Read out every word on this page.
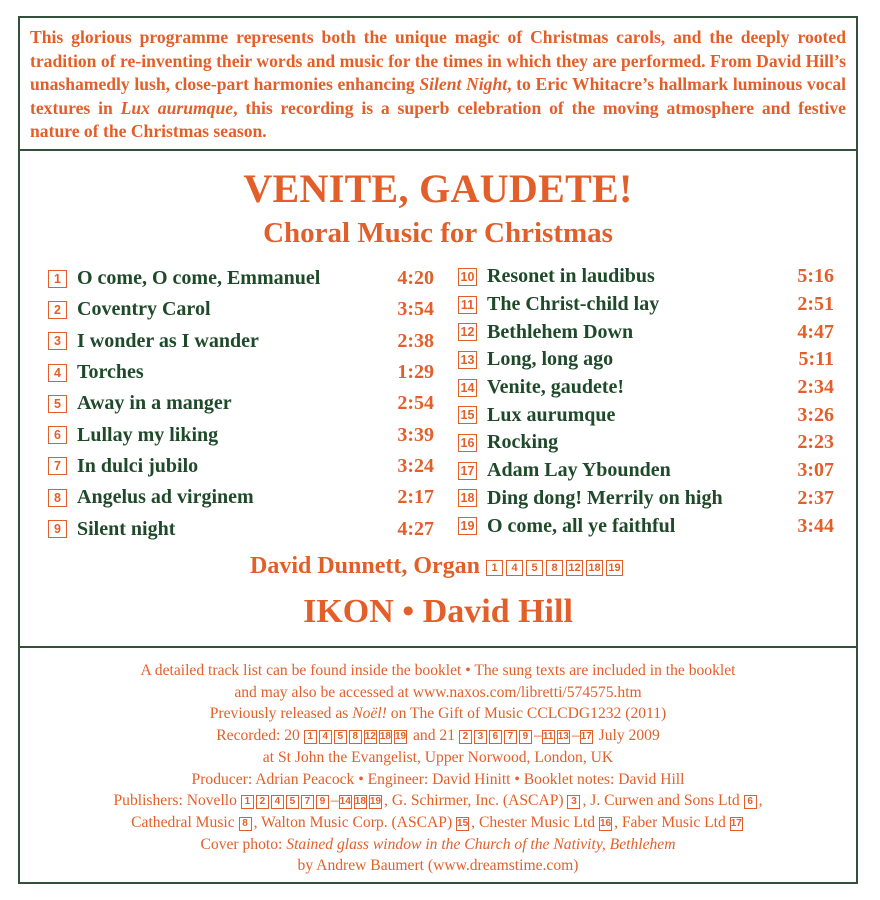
This glorious programme represents both the unique magic of Christmas carols, and the deeply rooted tradition of re-inventing their words and music for the times in which they are performed. From David Hill’s unashamedly lush, close-part harmonies enhancing Silent Night, to Eric Whitacre’s hallmark luminous vocal textures in Lux aurumque, this recording is a superb celebration of the moving atmosphere and festive nature of the Christmas season.
VENITE, GAUDETE!
Choral Music for Christmas
1 O come, O come, Emmanuel	4:20
2 Coventry Carol	3:54
3 I wonder as I wander	2:38
4 Torches	1:29
5 Away in a manger	2:54
6 Lullay my liking	3:39
7 In dulci jubilo	3:24
8 Angelus ad virginem	2:17
9 Silent night	4:27
10 Resonet in laudibus	5:16
11 The Christ-child lay	2:51
12 Bethlehem Down	4:47
13 Long, long ago	5:11
14 Venite, gaudete!	2:34
15 Lux aurumque	3:26
16 Rocking	2:23
17 Adam Lay Ybounden	3:07
18 Ding dong! Merrily on high	2:37
19 O come, all ye faithful	3:44
David Dunnett, Organ 1 4 5 8 12 18 19
IKON • David Hill
A detailed track list can be found inside the booklet • The sung texts are included in the booklet
and may also be accessed at www.naxos.com/libretti/574575.htm
Previously released as Noël! on The Gift of Music CCLCDG1232 (2011)
Recorded: 20 1 4 5 8 12 18 19 and 21 2 3 6 7 9 –11 13 –17 July 2009
at St John the Evangelist, Upper Norwood, London, UK
Producer: Adrian Peacock • Engineer: David Hinitt • Booklet notes: David Hill
Publishers: Novello 1 2 4 5 7 9 –14 18 19 , G. Schirmer, Inc. (ASCAP) 3 , J. Curwen and Sons Ltd 6 ,
Cathedral Music 8 , Walton Music Corp. (ASCAP) 15 , Chester Music Ltd 16 , Faber Music Ltd 17
Cover photo: Stained glass window in the Church of the Nativity, Bethlehem
by Andrew Baumert (www.dreamstime.com)
